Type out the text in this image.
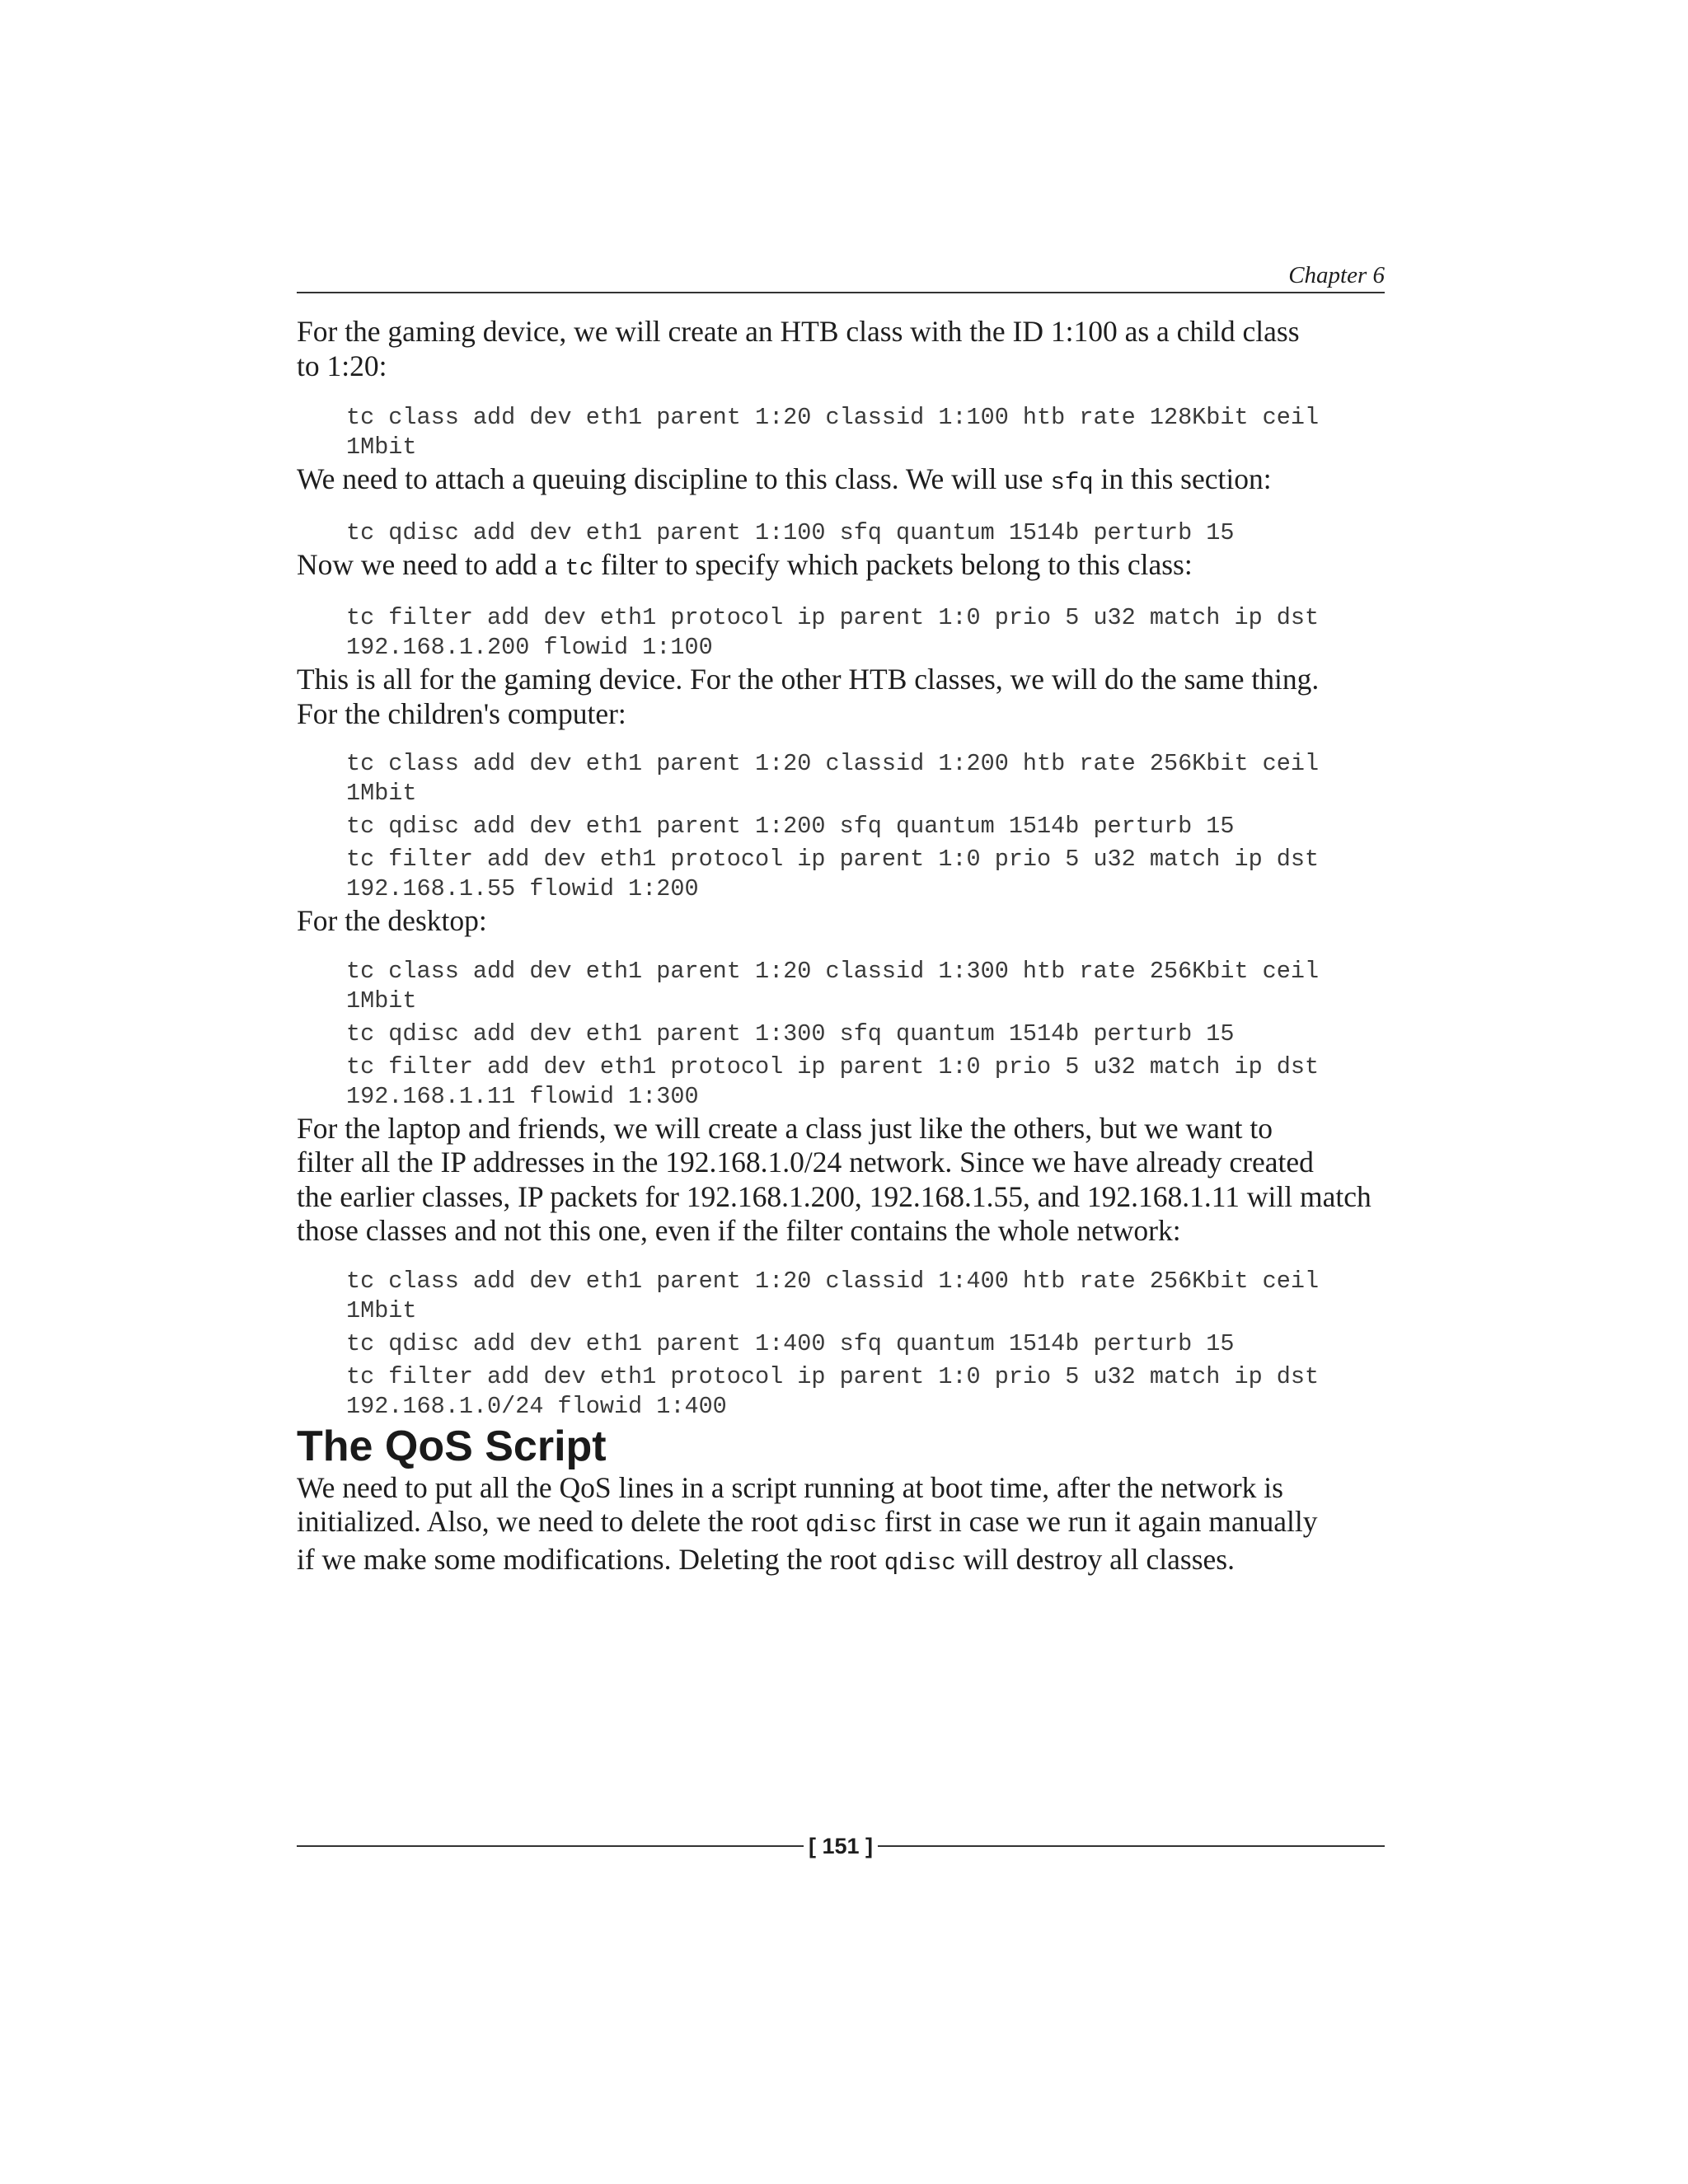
Chapter 6

For the gaming device, we will create an HTB class with the ID 1:100 as a child class
to 1:20:

tc class add dev eth1 parent 1:20 classid 1:100 htb rate 128Kbit ceil
1Mbit

We need to attach a queuing discipline to this class. We will use sfq in this section:

tc qdisc add dev eth1 parent 1:100 sfq quantum 1514b perturb 15

Now we need to add a tc filter to specify which packets belong to this class:

tc filter add dev eth1 protocol ip parent 1:0 prio 5 u32 match ip dst
192.168.1.200 flowid 1:100

This is all for the gaming device. For the other HTB classes, we will do the same thing.

For the children's computer:

tc class add dev eth1 parent 1:20 classid 1:200 htb rate 256Kbit ceil
1Mbit
tc qdisc add dev eth1 parent 1:200 sfq quantum 1514b perturb 15
tc filter add dev eth1 protocol ip parent 1:0 prio 5 u32 match ip dst
192.168.1.55 flowid 1:200

For the desktop:

tc class add dev eth1 parent 1:20 classid 1:300 htb rate 256Kbit ceil
1Mbit
tc qdisc add dev eth1 parent 1:300 sfq quantum 1514b perturb 15
tc filter add dev eth1 protocol ip parent 1:0 prio 5 u32 match ip dst
192.168.1.11 flowid 1:300

For the laptop and friends, we will create a class just like the others, but we want to
filter all the IP addresses in the 192.168.1.0/24 network. Since we have already created
the earlier classes, IP packets for 192.168.1.200, 192.168.1.55, and 192.168.1.11 will match
those classes and not this one, even if the filter contains the whole network:

tc class add dev eth1 parent 1:20 classid 1:400 htb rate 256Kbit ceil
1Mbit
tc qdisc add dev eth1 parent 1:400 sfq quantum 1514b perturb 15
tc filter add dev eth1 protocol ip parent 1:0 prio 5 u32 match ip dst
192.168.1.0/24 flowid 1:400
The QoS Script

We need to put all the QoS lines in a script running at boot time, after the network is
initialized. Also, we need to delete the root qdisc first in case we run it again manually
if we make some modifications. Deleting the root qdisc will destroy all classes.

[ 151 ]
